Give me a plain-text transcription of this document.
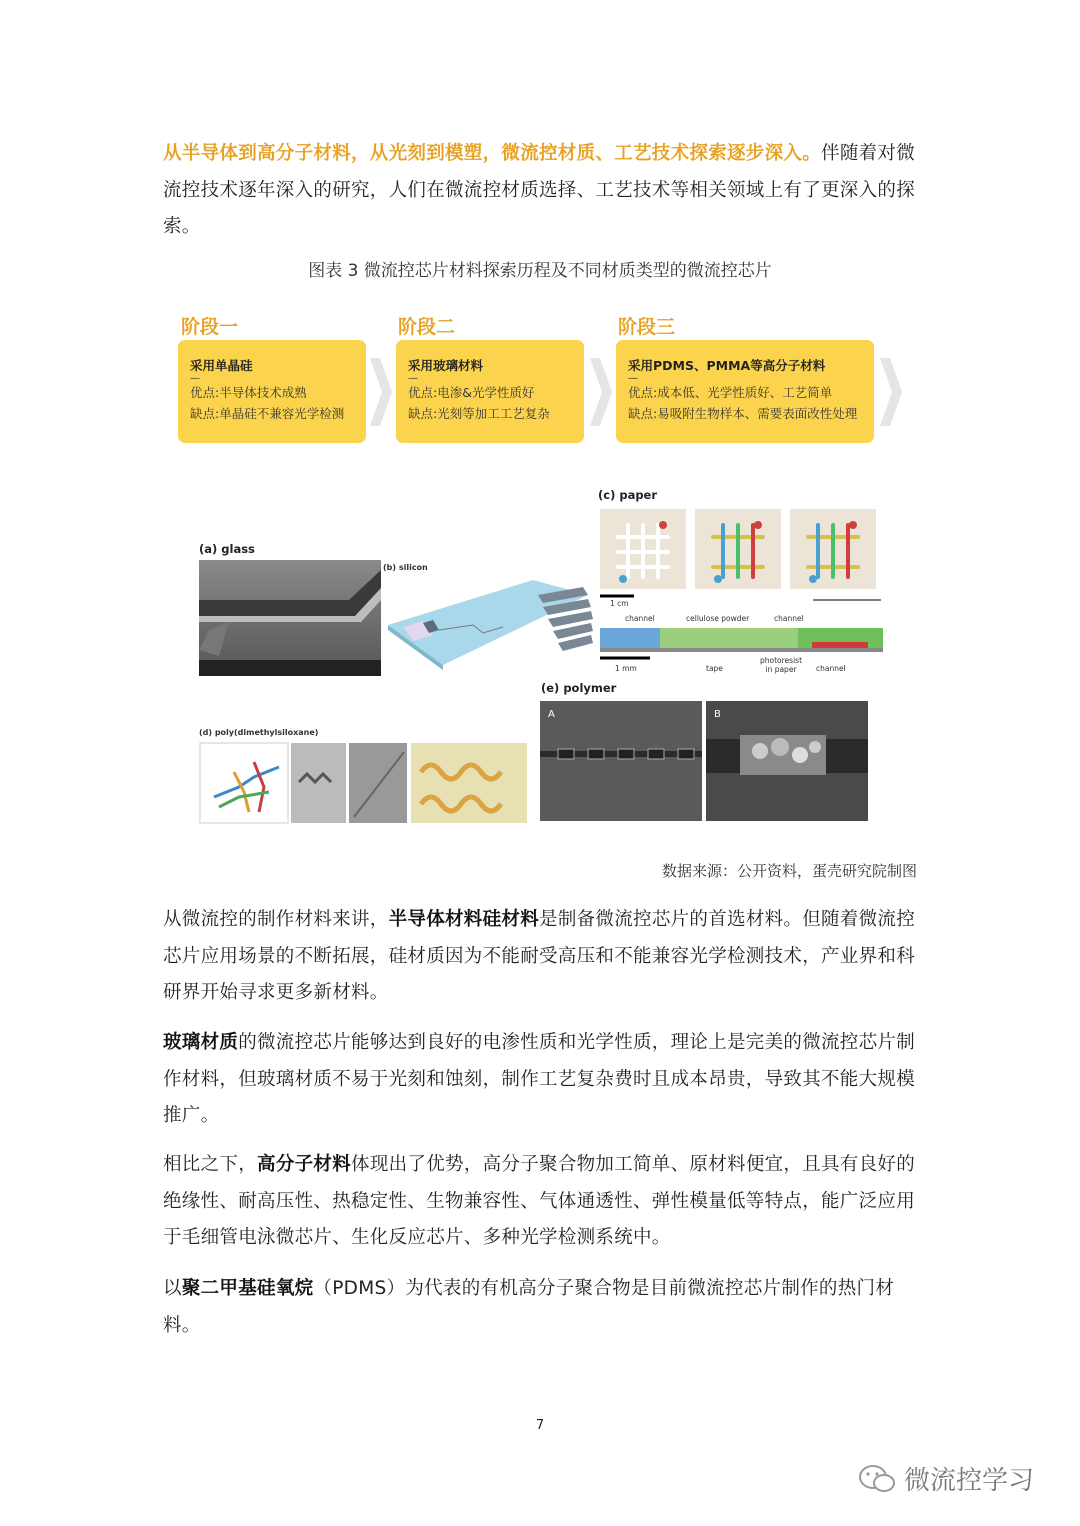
从半导体到高分子材料，从光刻到模塑，微流控材质、工艺技术探索逐步深入。伴随着对微流控技术逐年深入的研究，人们在微流控材质选择、工艺技术等相关领域上有了更深入的探索。
图表 3 微流控芯片材料探索历程及不同材质类型的微流控芯片
阶段一
采用单晶硅
—
优点:半导体技术成熟
缺点:单晶硅不兼容光学检测
阶段二
采用玻璃材料
—
优点:电渗&光学性质好
缺点:光刻等加工工艺复杂
阶段三
采用PDMS、PMMA等高分子材料
—
优点:成本低、光学性质好、工艺简单
缺点:易吸附生物样本、需要表面改性处理
(a) glass
(b) silicon
(c) paper
1 cm
channel	cellulose powder	channel
1 mm	tape
photoresist
in paper	channel
(d) poly(dimethylsiloxane)
(e) polymer
A	B
数据来源：公开资料，蛋壳研究院制图
从微流控的制作材料来讲，半导体材料硅材料是制备微流控芯片的首选材料。但随着微流控芯片应用场景的不断拓展，硅材质因为不能耐受高压和不能兼容光学检测技术，产业界和科研界开始寻求更多新材料。
玻璃材质的微流控芯片能够达到良好的电渗性质和光学性质，理论上是完美的微流控芯片制作材料，但玻璃材质不易于光刻和蚀刻，制作工艺复杂费时且成本昂贵，导致其不能大规模推广。
相比之下，高分子材料体现出了优势，高分子聚合物加工简单、原材料便宜，且具有良好的绝缘性、耐高压性、热稳定性、生物兼容性、气体通透性、弹性模量低等特点，能广泛应用于毛细管电泳微芯片、生化反应芯片、多种光学检测系统中。
以聚二甲基硅氧烷（PDMS）为代表的有机高分子聚合物是目前微流控芯片制作的热门材料。
7
微流控学习
